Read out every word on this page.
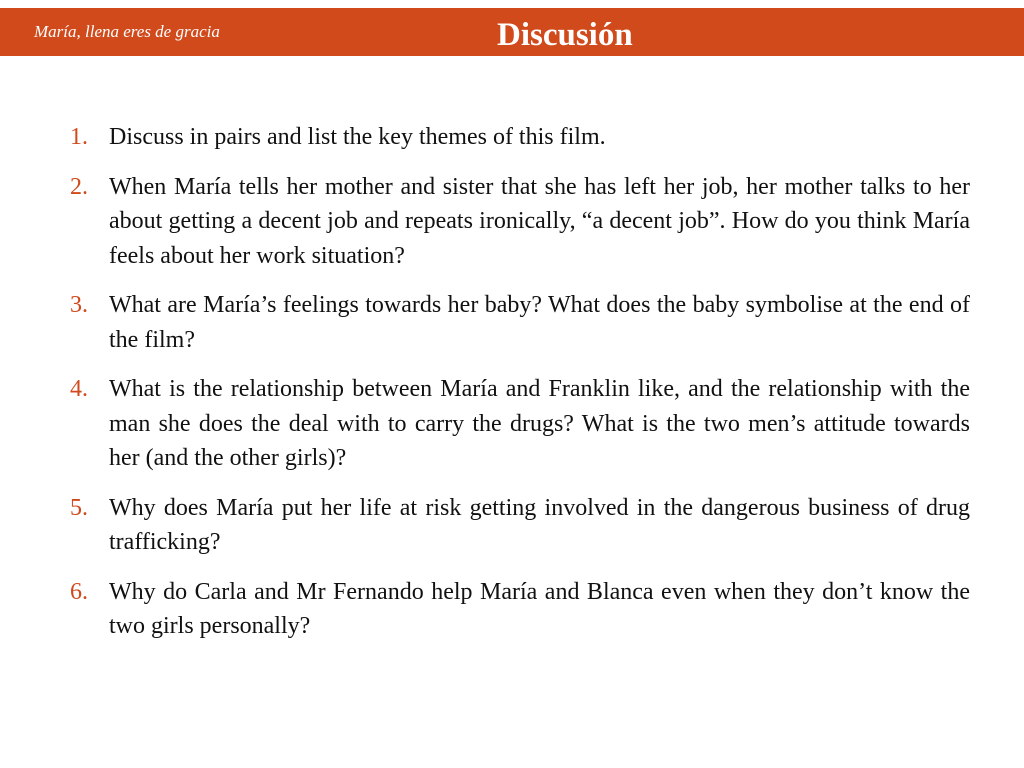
María, llena eres de gracia	Discusión
1. Discuss in pairs and list the key themes of this film.
2. When María tells her mother and sister that she has left her job, her mother talks to her about getting a decent job and repeats ironically, “a decent job”. How do you think María feels about her work situation?
3. What are María’s feelings towards her baby? What does the baby symbolise at the end of the film?
4. What is the relationship between María and Franklin like, and the relationship with the man she does the deal with to carry the drugs? What is the two men’s attitude towards her (and the other girls)?
5. Why does María put her life at risk getting involved in the dangerous business of drug trafficking?
6. Why do Carla and Mr Fernando help María and Blanca even when they don’t know the two girls personally?
